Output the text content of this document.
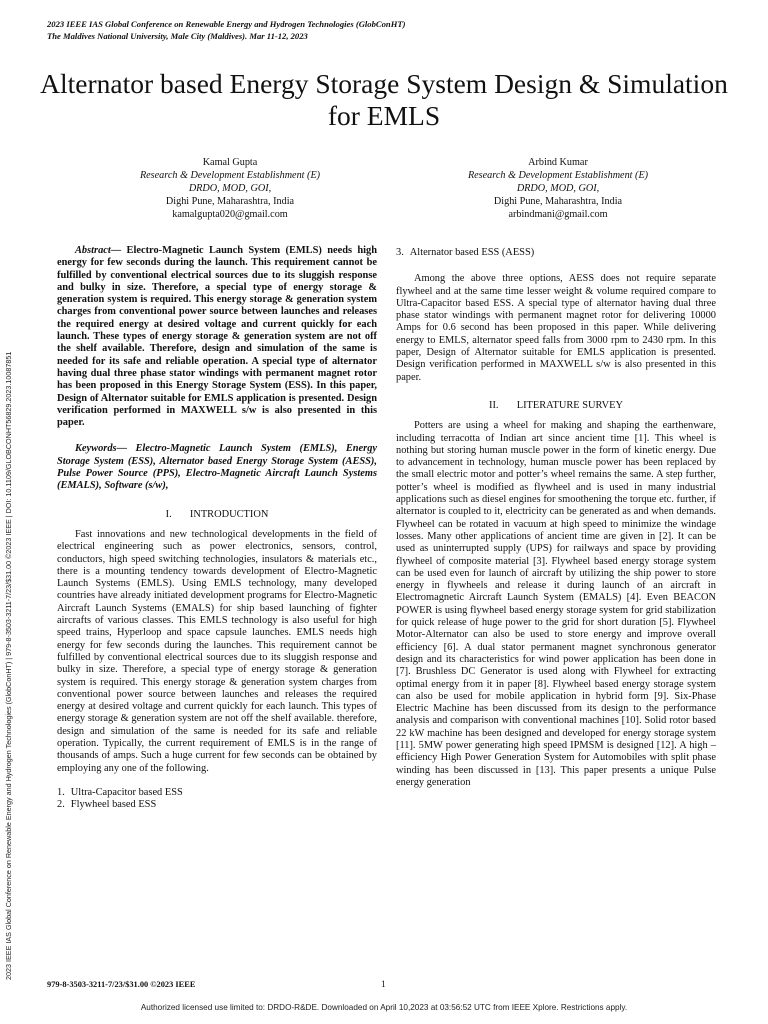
2023 IEEE IAS Global Conference on Renewable Energy and Hydrogen Technologies (GlobConHT)
The Maldives National University, Male City (Maldives). Mar 11-12, 2023
2023 IEEE IAS Global Conference on Renewable Energy and Hydrogen Technologies (GlobConHT) | 979-8-3503-3211-7/23/$31.00 ©2023 IEEE | DOI: 10.1109/GLOBCONHT56829.2023.10087851
Alternator based Energy Storage System Design & Simulation for EMLS
Kamal Gupta
Research & Development Establishment (E)
DRDO, MOD, GOI,
Dighi Pune, Maharashtra, India
kamalgupta020@gmail.com
Arbind Kumar
Research & Development Establishment (E)
DRDO, MOD, GOI,
Dighi Pune, Maharashtra, India
arbindmani@gmail.com

Abstract— Electro-Magnetic Launch System (EMLS) needs high energy for few seconds during the launch. This requirement cannot be fulfilled by conventional electrical sources due to its sluggish response and bulky in size. Therefore, a special type of energy storage & generation system is required. This energy storage & generation system charges from conventional power source between launches and releases the required energy at desired voltage and current quickly for each launch. These types of energy storage & generation system are not off the shelf available. Therefore, design and simulation of the same is needed for its safe and reliable operation. A special type of alternator having dual three phase stator windings with permanent magnet rotor has been proposed in this Energy Storage System (ESS). In this paper, Design of Alternator suitable for EMLS application is presented. Design verification performed in MAXWELL s/w is also presented in this paper.

Keywords— Electro-Magnetic Launch System (EMLS), Energy Storage System (ESS), Alternator based Energy Storage System (AESS), Pulse Power Source (PPS), Electro-Magnetic Aircraft Launch Systems (EMALS), Software (s/w),

I.       INTRODUCTION

Fast innovations and new technological developments in the field of electrical engineering such as power electronics, sensors, control, conductors, high speed switching technologies, insulators & materials etc., there is a mounting tendency towards development of Electro-Magnetic Launch Systems (EMLS). Using EMLS technology, many developed countries have already initiated development programs for Electro-Magnetic Aircraft Launch Systems (EMALS) for ship based launching of fighter aircrafts of various classes. This EMLS technology is also useful for high speed trains, Hyperloop and space capsule launches. EMLS needs high energy for few seconds during the launches. This requirement cannot be fulfilled by conventional electrical sources due to its sluggish response and bulky in size. Therefore, a special type of energy storage & generation system is required. This energy storage & generation system charges from conventional power source between launches and releases the required energy at desired voltage and current quickly for each launch. This types of energy storage & generation system are not off the shelf available. therefore, design and simulation of the same is needed for its safe and reliable operation. Typically, the current requirement of EMLS is in the range of thousands of amps. Such a huge current for few seconds can be obtained by employing any one of the following.

1. Ultra-Capacitor based ESS
2. Flywheel based ESS
3. Alternator based ESS (AESS)

Among the above three options, AESS does not require separate flywheel and at the same time lesser weight & volume required compare to Ultra-Capacitor based ESS. A special type of alternator having dual three phase stator windings with permanent magnet rotor for delivering 10000 Amps for 0.6 second has been proposed in this paper. While delivering energy to EMLS, alternator speed falls from 3000 rpm to 2430 rpm. In this paper, Design of Alternator suitable for EMLS application is presented. Design verification performed in MAXWELL s/w is also presented in this paper.

II.       LITERATURE SURVEY

Potters are using a wheel for making and shaping the earthenware, including terracotta of Indian art since ancient time [1]. This wheel is nothing but storing human muscle power in the form of kinetic energy. Due to advancement in technology, human muscle power has been replaced by the small electric motor and potter’s wheel remains the same. A step further, potter’s wheel is modified as flywheel and is used in many industrial applications such as diesel engines for smoothening the torque etc. further, if alternator is coupled to it, electricity can be generated as and when demands. Flywheel can be rotated in vacuum at high speed to minimize the windage losses. Many other applications of ancient time are given in [2]. It can be used as uninterrupted supply (UPS) for railways and space by providing flywheel of composite material [3]. Flywheel based energy storage system can be used even for launch of aircraft by utilizing the ship power to store energy in flywheels and release it during launch of an aircraft in Electromagnetic Aircraft Launch System (EMALS) [4]. Even BEACON POWER is using flywheel based energy storage system for grid stabilization for quick release of huge power to the grid for short duration [5]. Flywheel Motor-Alternator can also be used to store energy and improve overall efficiency [6]. A dual stator permanent magnet synchronous generator design and its characteristics for wind power application has been done in [7]. Brushless DC Generator is used along with Flywheel for extracting optimal energy from it in paper [8]. Flywheel based energy storage system can also be used for mobile application in hybrid form [9]. Six-Phase Electric Machine has been discussed from its design to the performance analysis and comparison with conventional machines [10]. Solid rotor based 22 kW machine has been designed and developed for energy storage system [11]. 5MW power generating high speed IPMSM is designed [12]. A high – efficiency High Power Generation System for Automobiles with split phase winding has been discussed in [13]. This paper presents a unique Pulse energy generation

979-8-3503-3211-7/23/$31.00 ©2023 IEEE	1
Authorized licensed use limited to: DRDO-R&DE. Downloaded on April 10,2023 at 03:56:52 UTC from IEEE Xplore. Restrictions apply.
